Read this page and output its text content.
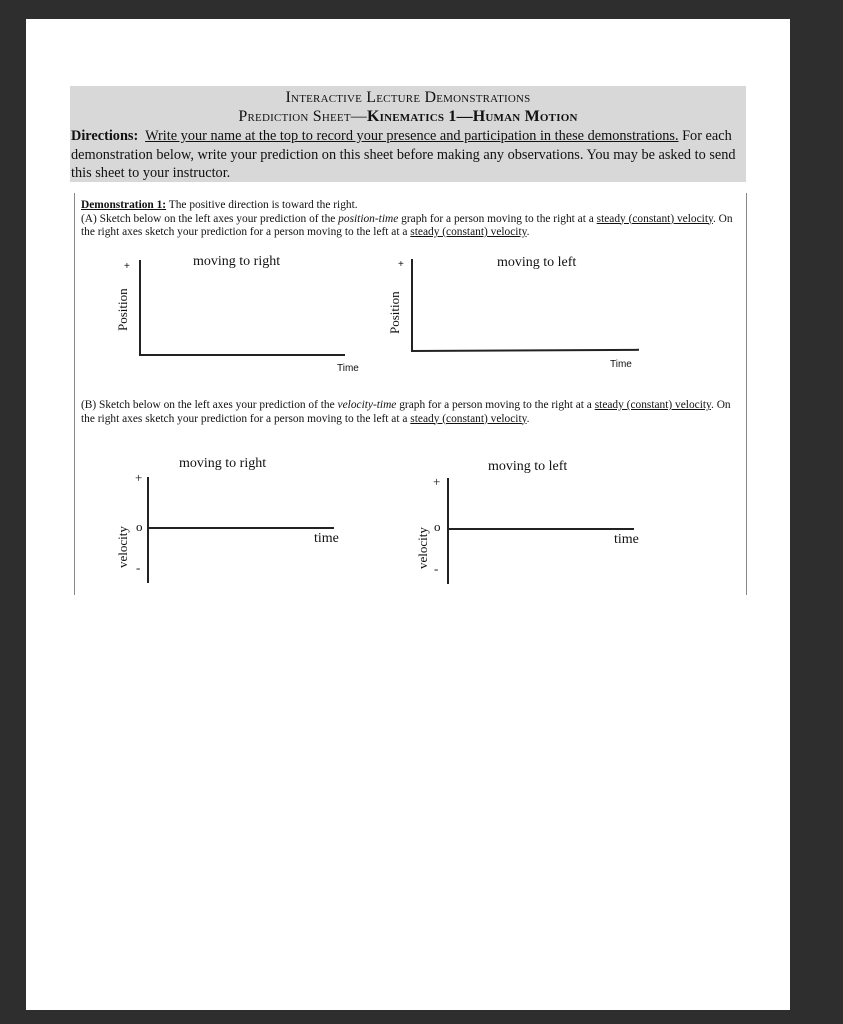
Interactive Lecture Demonstrations
Prediction Sheet—Kinematics 1—Human Motion
Directions: Write your name at the top to record your presence and participation in these demonstrations. For each demonstration below, write your prediction on this sheet before making any observations. You may be asked to send this sheet to your instructor.
Demonstration 1: The positive direction is toward the right.
(A) Sketch below on the left axes your prediction of the position-time graph for a person moving to the right at a steady (constant) velocity. On the right axes sketch your prediction for a person moving to the left at a steady (constant) velocity.
moving to right
+
Position
Time
moving to left
+
Position
Time
(B) Sketch below on the left axes your prediction of the velocity-time graph for a person moving to the right at a steady (constant) velocity. On the right axes sketch your prediction for a person moving to the left at a steady (constant) velocity.
moving to right
+
o
-
velocity	time
moving to left
+
o
-
velocity	time
